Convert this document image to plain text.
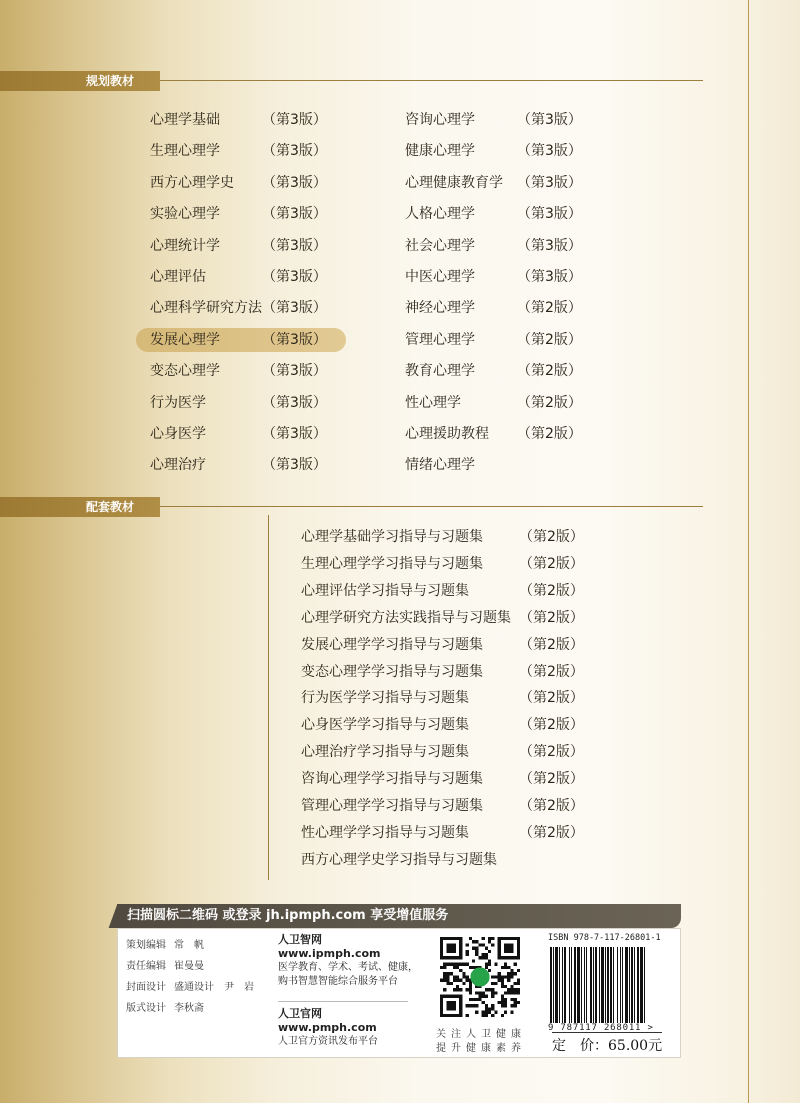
规划教材
心理学基础	（第3版）
生理心理学	（第3版）
西方心理学史 （第3版）
实验心理学	（第3版）
心理统计学	（第3版）
心理评估	（第3版）
心理科学研究方法 （第3版）
发展心理学	（第3版）
变态心理学	（第3版）
行为医学	（第3版）
心身医学	（第3版）
心理治疗	（第3版）
咨询心理学	（第3版）
健康心理学	（第3版）
心理健康教育学 （第3版）
人格心理学	（第3版）
社会心理学	（第3版）
中医心理学	（第3版）
神经心理学	（第2版）
管理心理学	（第2版）
教育心理学	（第2版）
性心理学	（第2版）
心理援助教程 （第2版）
情绪心理学
配套教材
心理学基础学习指导与习题集	（第2版）
生理心理学学习指导与习题集	（第2版）
心理评估学习指导与习题集	（第2版）
心理学研究方法实践指导与习题集 （第2版）
发展心理学学习指导与习题集	（第2版）
变态心理学学习指导与习题集	（第2版）
行为医学学习指导与习题集	（第2版）
心身医学学习指导与习题集	（第2版）
心理治疗学习指导与习题集	（第2版）
咨询心理学学习指导与习题集	（第2版）
管理心理学学习指导与习题集	（第2版）
性心理学学习指导与习题集	（第2版）
西方心理学史学习指导与习题集
扫描圆标二维码 或登录 jh.ipmph.com 享受增值服务
策划编辑 常　帆
责任编辑 崔曼曼
封面设计 盛通设计　尹　岩
版式设计 李秋斋
人卫智网
www.ipmph.com
医学教育、学术、考试、健康，
购书智慧智能综合服务平台
人卫官网
www.pmph.com
人卫官方资讯发布平台
关注人卫健康
提升健康素养
ISBN 978-7-117-26801-1
9 787117 268011 >
定　价：65.00元
